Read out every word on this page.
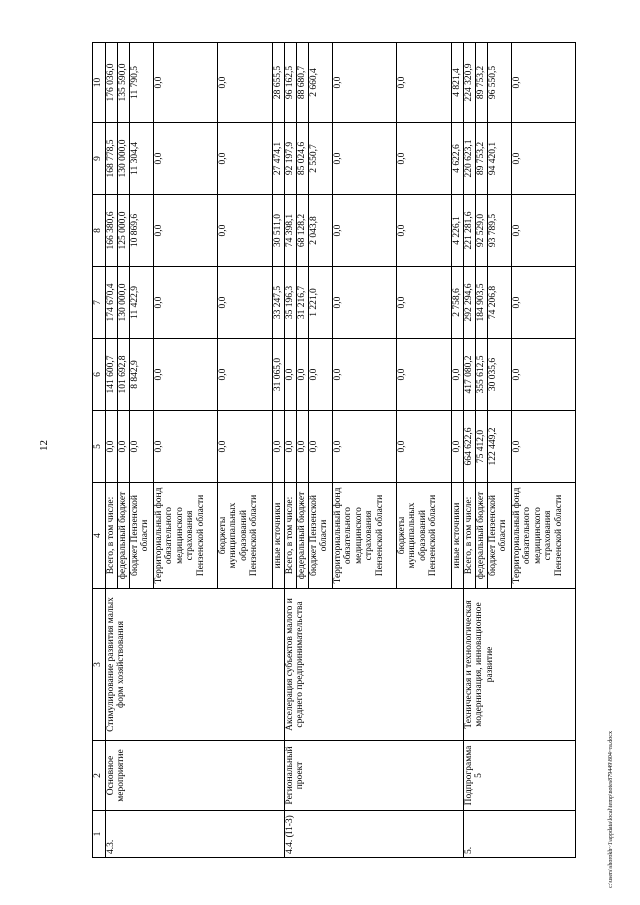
12
c:\users\shorokh~1\appdata\local\temp\notes879449\804~ra.docx
1	2	3	4	5	6	7	8	9	10
4.3.	Основное мероприятие	Стимулирование развития малых форм хозяйствования	Всего, в том числе:	0,0	141 600,7	174 670,4	166 380,6	168 778,5	176 036,0
			федеральный бюджет	0,0	101 692,8	130 000,0	125 000,0	130 000,0	135 590,0
			бюджет Пензенской области	0,0	8 842,9	11 422,9	10 869,6	11 304,4	11 790,5
			Территориальный фонд обязательного медицинского страхования Пензенской области	0,0	0,0	0,0	0,0	0,0	0,0
			бюджеты муниципальных образований Пензенской области	0,0	0,0	0,0	0,0	0,0	0,0
			иные источники	0,0	31 065,0	33 247,5	30 511,0	27 474,1	28 655,5
4.4. (I1-3)	Региональный проект	Акселерация субъектов малого и среднего предпринимательства	Всего, в том числе:	0,0	0,0	35 196,3	74 398,1	92 197,9	96 162,5
			федеральный бюджет	0,0	0,0	31 216,7	68 128,2	85 024,6	88 680,7
			бюджет Пензенской области	0,0	0,0	1 221,0	2 043,8	2 550,7	2 660,4
			Территориальный фонд обязательного медицинского страхования Пензенской области	0,0	0,0	0,0	0,0	0,0	0,0
			бюджеты муниципальных образований Пензенской области	0,0	0,0	0,0	0,0	0,0	0,0
			иные источники	0,0	0,0	2 758,6	4 226,1	4 622,6	4 821,4
5.	Подпрограмма 5	Техническая и технологическая модернизация, инновационное развитие	Всего, в том числе:	664 622,6	417 080,2	292 294,6	221 281,6	220 623,1	224 320,9
			федеральный бюджет	75 412,0	355 612,5	184 903,5	92 529,0	89 753,2	89 753,2
			бюджет Пензенской области	122 449,2	30 035,6	74 206,8	93 789,5	94 420,1	96 550,5
			Территориальный фонд обязательного медицинского страхования Пензенской области	0,0	0,0	0,0	0,0	0,0	0,0
